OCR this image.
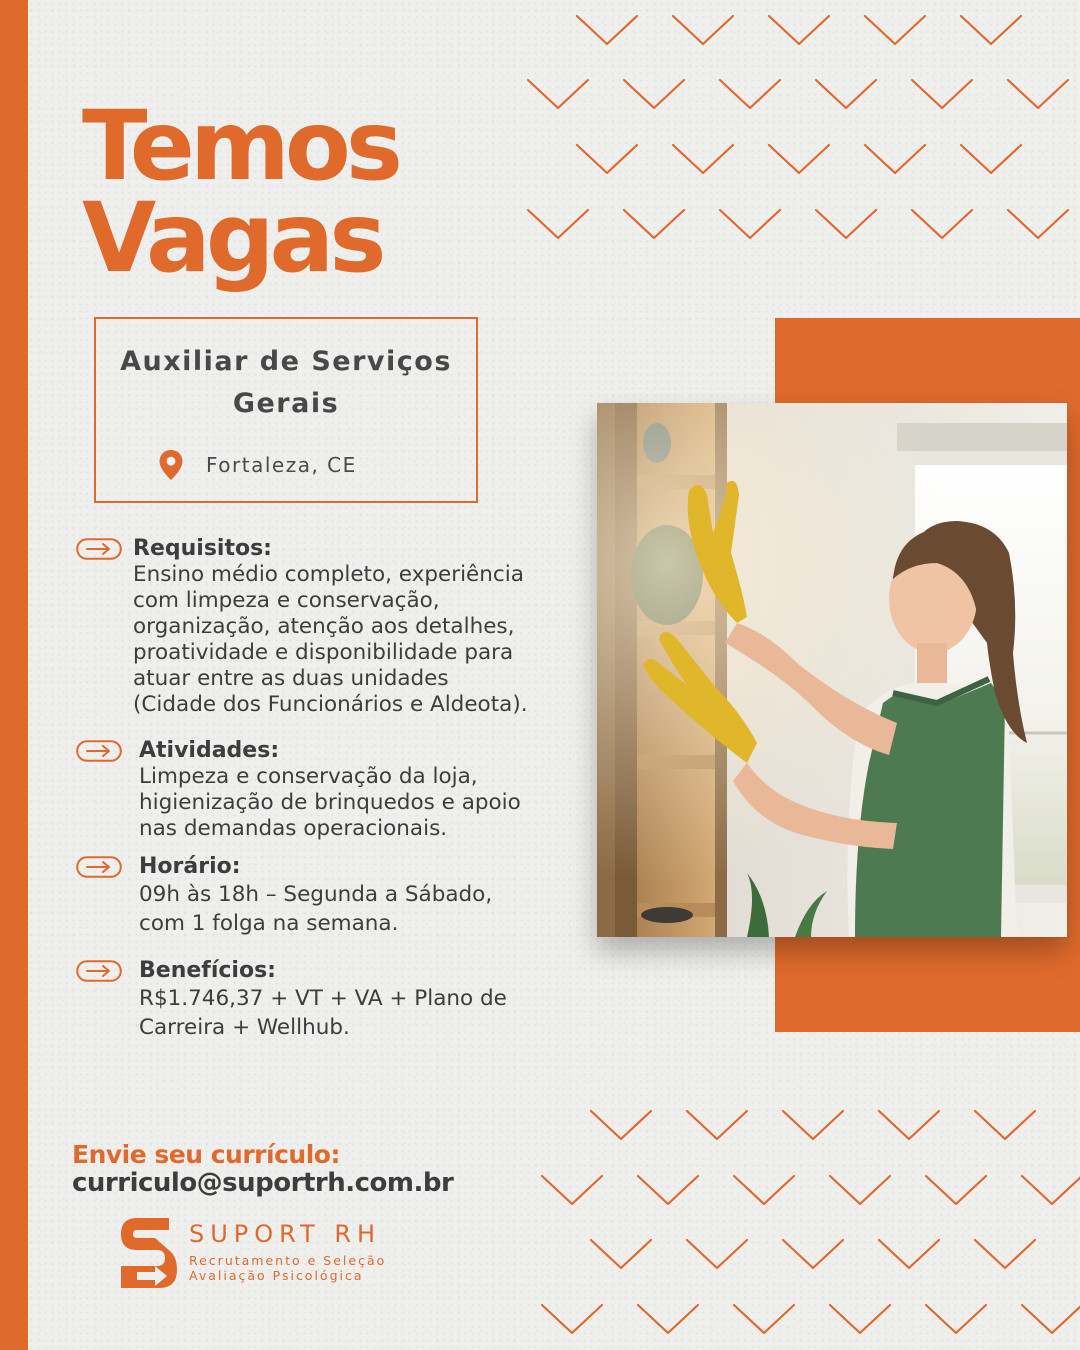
Temos
Vagas
Auxiliar de Serviços Gerais
Fortaleza, CE
Requisitos:
Ensino médio completo, experiência
com limpeza e conservação,
organização, atenção aos detalhes,
proatividade e disponibilidade para
atuar entre as duas unidades
(Cidade dos Funcionários e Aldeota).
Atividades:
Limpeza e conservação da loja,
higienização de brinquedos e apoio
nas demandas operacionais.
Horário:
09h às 18h – Segunda a Sábado,
com 1 folga na semana.
Benefícios:
R$1.746,37 + VT + VA + Plano de
Carreira + Wellhub.
Envie seu currículo:
curriculo@suportrh.com.br
SUPORT RH
Recrutamento e Seleção
Avaliação Psicológica
